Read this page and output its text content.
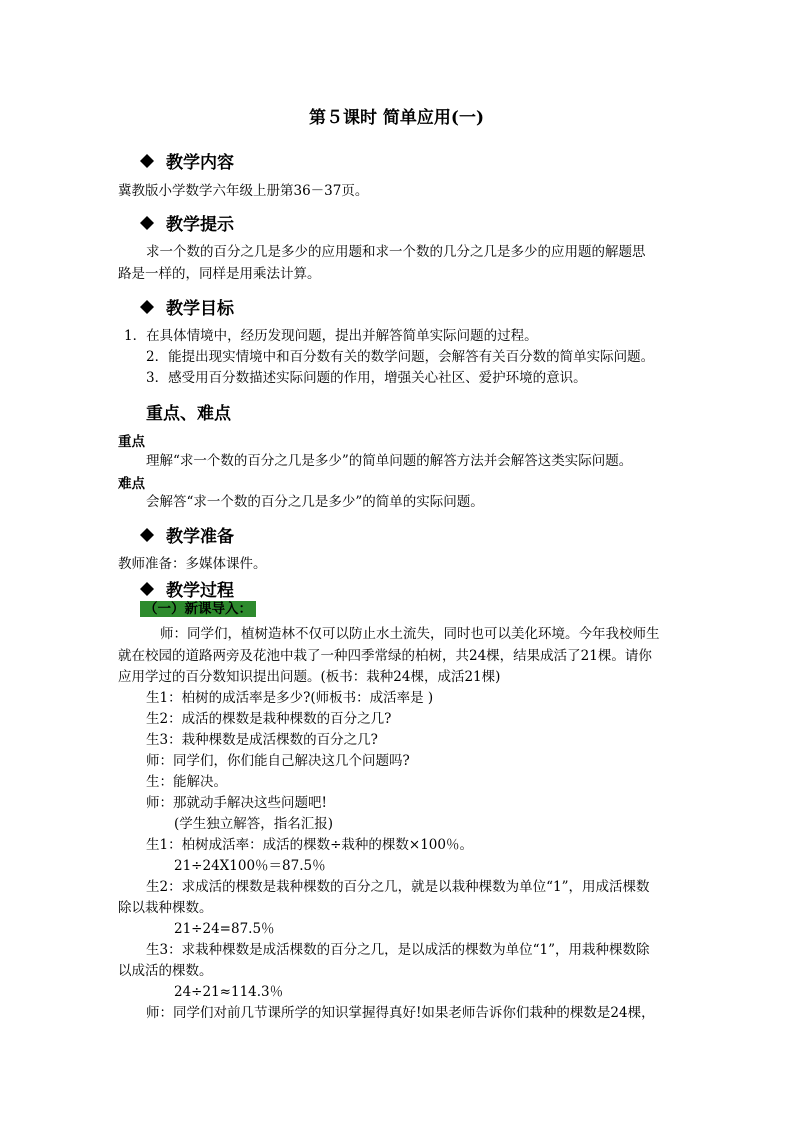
第５课时 简单应用(一)
教学内容
冀教版小学数学六年级上册第36－37页。
教学提示
求一个数的百分之几是多少的应用题和求一个数的几分之几是多少的应用题的解题思
路是一样的，同样是用乘法计算。
教学目标
1．在具体情境中，经历发现问题，提出并解答简单实际问题的过程。
2．能提出现实情境中和百分数有关的数学问题，会解答有关百分数的简单实际问题。
3．感受用百分数描述实际问题的作用，增强关心社区、爱护环境的意识。
重点、难点
重点
理解“求一个数的百分之几是多少”的简单问题的解答方法并会解答这类实际问题。
难点
会解答“求一个数的百分之几是多少”的简单的实际问题。
教学准备
教师准备：多媒体课件。
教学过程
（一）新课导入：
师：同学们，植树造林不仅可以防止水土流失，同时也可以美化环境。今年我校师生
就在校园的道路两旁及花池中栽了一种四季常绿的柏树，共24棵，结果成活了21棵。请你
应用学过的百分数知识提出问题。(板书：栽种24棵，成活21棵)
生1：柏树的成活率是多少?(师板书：成活率是 )
生2：成活的棵数是栽种棵数的百分之几?
生3：栽种棵数是成活棵数的百分之几?
师：同学们，你们能自己解决这几个问题吗?
生：能解决。
师：那就动手解决这些问题吧!
(学生独立解答，指名汇报)
生1：柏树成活率：成活的棵数÷栽种的棵数×100％。
21÷24X100％＝87.5％
生2：求成活的棵数是栽种棵数的百分之几，就是以栽种棵数为单位“1”，用成活棵数
除以栽种棵数。
21÷24=87.5％
生3：求栽种棵数是成活棵数的百分之几，是以成活的棵数为单位“1”，用栽种棵数除
以成活的棵数。
24÷21≈114.3％
师：同学们对前几节课所学的知识掌握得真好!如果老师告诉你们栽种的棵数是24棵，
